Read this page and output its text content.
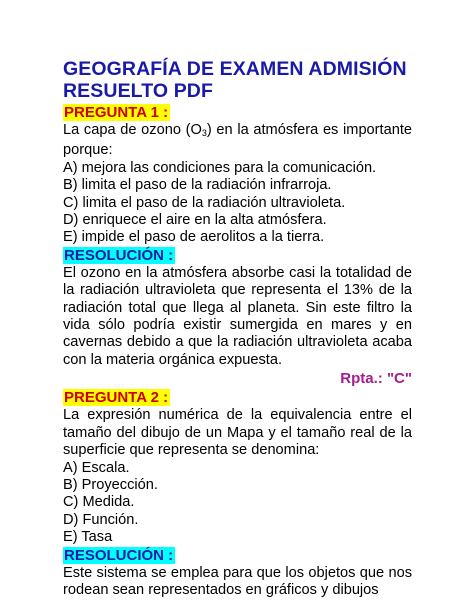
GEOGRAFÍA DE EXAMEN ADMISIÓN RESUELTO PDF
PREGUNTA 1 :

La capa de ozono $(O_3)$ en la atmósfera es importante porque:

A) mejora las condiciones para la comunicación.
B) limita el paso de la radiación infrarroja.
C) limita el paso de la radiación ultravioleta.
D) enriquece el aire en la alta atmósfera.
E) impide el paso de aerolitos a la tierra.
RESOLUCIÓN :

El ozono en la atmósfera absorbe casi la totalidad de la radiación ultravioleta que representa el 13% de la radiación total que llega al planeta. Sin este filtro la vida sólo podría existir sumergida en mares y en cavernas debido a que la radiación ultravioleta acaba con la materia orgánica expuesta.

Rpta.: "C"
PREGUNTA 2 :

La expresión numérica de la equivalencia entre el tamaño del dibujo de un Mapa y el tamaño real de la superficie que representa se denomina:

A) Escala.
B) Proyección.
C) Medida.
D) Función.
E) Tasa
RESOLUCIÓN :

Este sistema se emplea para que los objetos que nos rodean sean representados en gráficos y dibujos
